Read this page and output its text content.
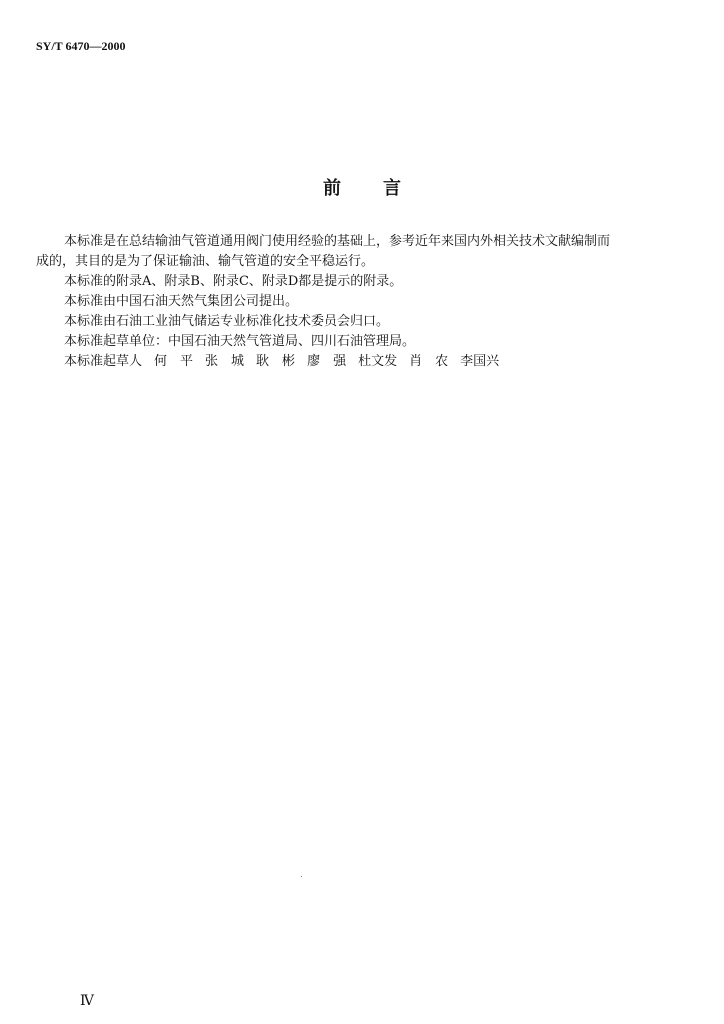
SY/T 6470—2000
前言

本标准是在总结输油气管道通用阀门使用经验的基础上，参考近年来国内外相关技术文献编制而

成的，其目的是为了保证输油、输气管道的安全平稳运行。

本标准的附录A、附录B、附录C、附录D都是提示的附录。

本标准由中国石油天然气集团公司提出。

本标准由石油工业油气储运专业标准化技术委员会归口。

本标准起草单位：中国石油天然气管道局、四川石油管理局。

本标准起草人 何　平 张　城 耿　彬 廖　强 杜文发 肖　农 李国兴
Ⅳ
